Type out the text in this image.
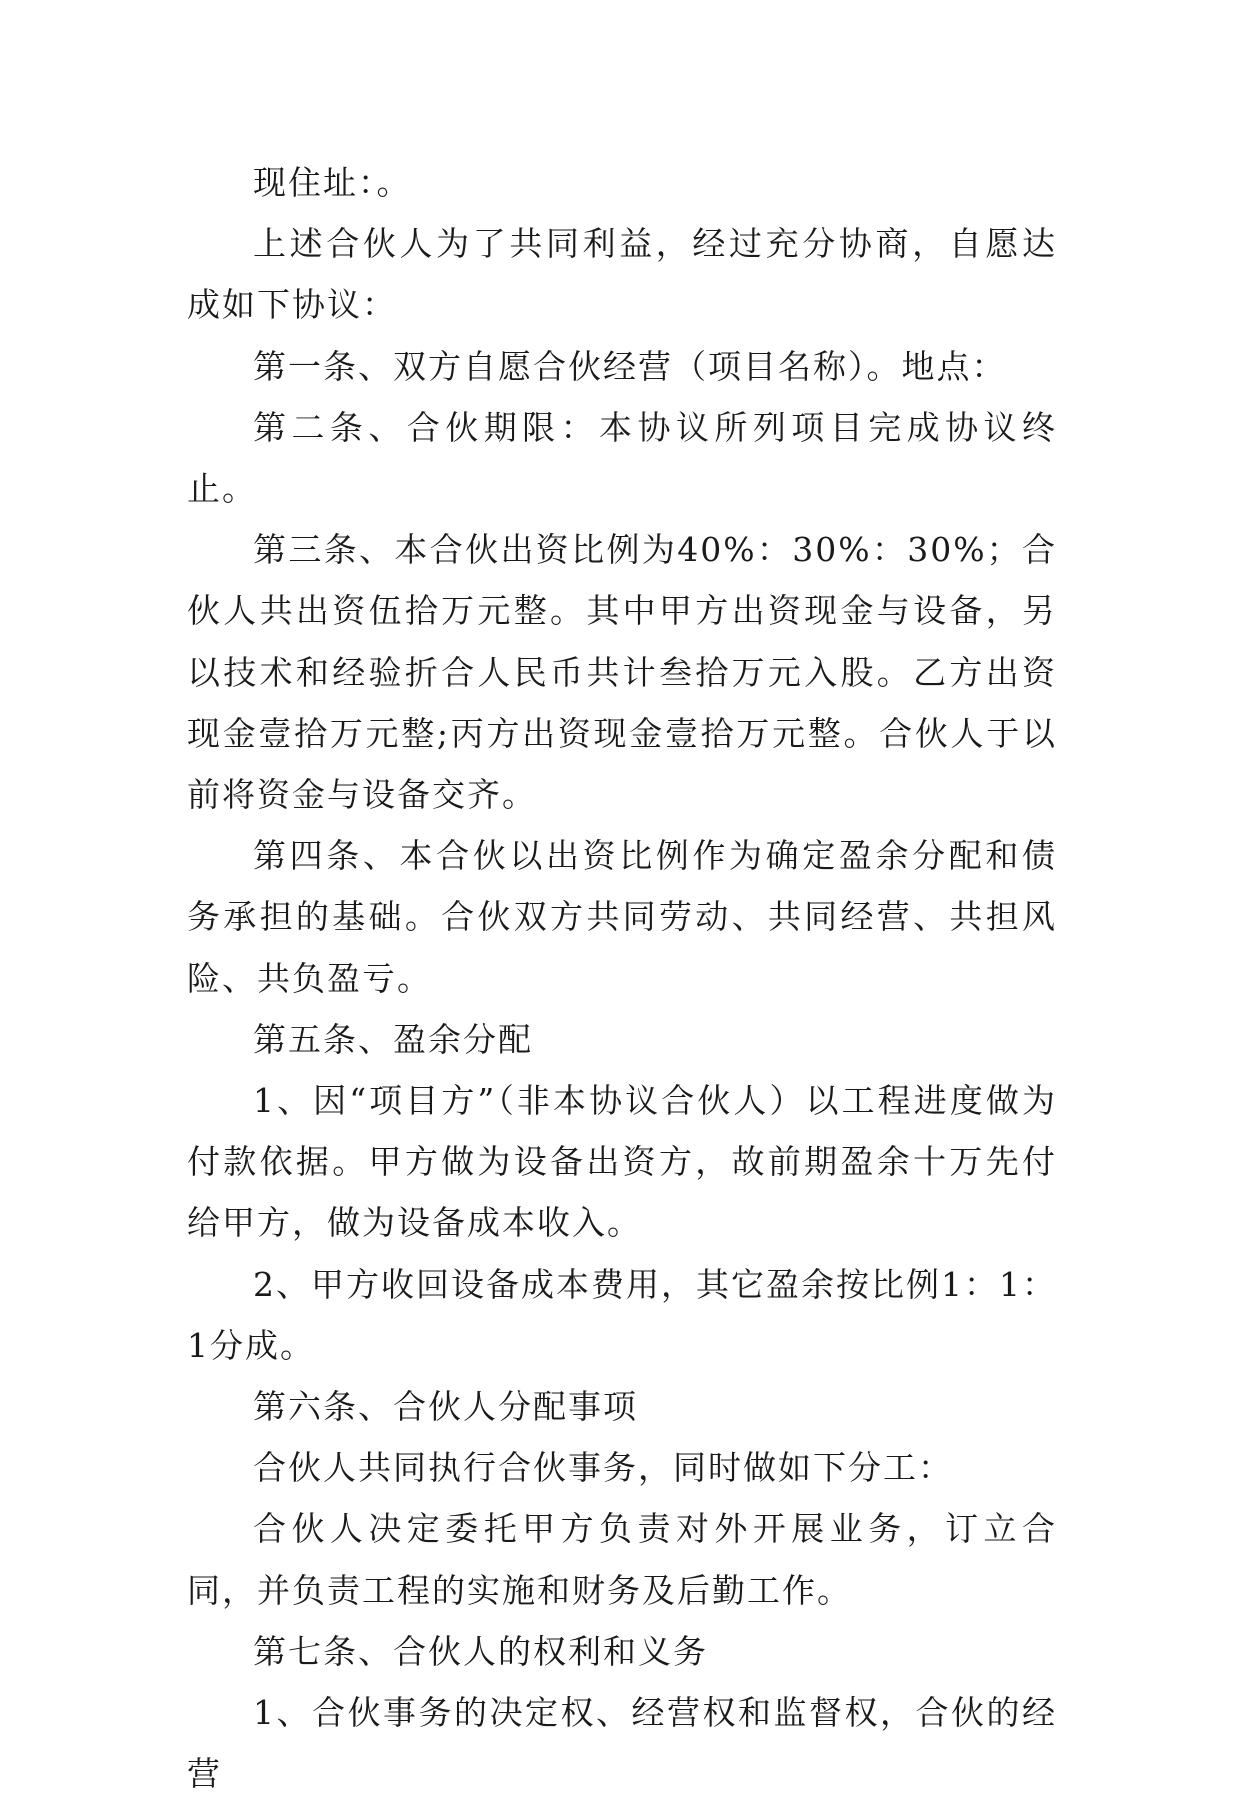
现住址：。

上述合伙人为了共同利益，经过充分协商，自愿达成如下协议：

第一条、双方自愿合伙经营（项目名称）。地点：

第二条、合伙期限：本协议所列项目完成协议终止。

第三条、本合伙出资比例为40%：30%：30%；合伙人共出资伍拾万元整。其中甲方出资现金与设备，另以技术和经验折合人民币共计叁拾万元入股。乙方出资现金壹拾万元整;丙方出资现金壹拾万元整。合伙人于以前将资金与设备交齐。

第四条、本合伙以出资比例作为确定盈余分配和债务承担的基础。合伙双方共同劳动、共同经营、共担风险、共负盈亏。

第五条、盈余分配

1、因“项目方”（非本协议合伙人）以工程进度做为付款依据。甲方做为设备出资方，故前期盈余十万先付给甲方，做为设备成本收入。

2、甲方收回设备成本费用，其它盈余按比例1：1：1分成。

第六条、合伙人分配事项

合伙人共同执行合伙事务，同时做如下分工：

合伙人决定委托甲方负责对外开展业务，订立合同，并负责工程的实施和财务及后勤工作。

第七条、合伙人的权利和义务

1、合伙事务的决定权、经营权和监督权，合伙的经营
